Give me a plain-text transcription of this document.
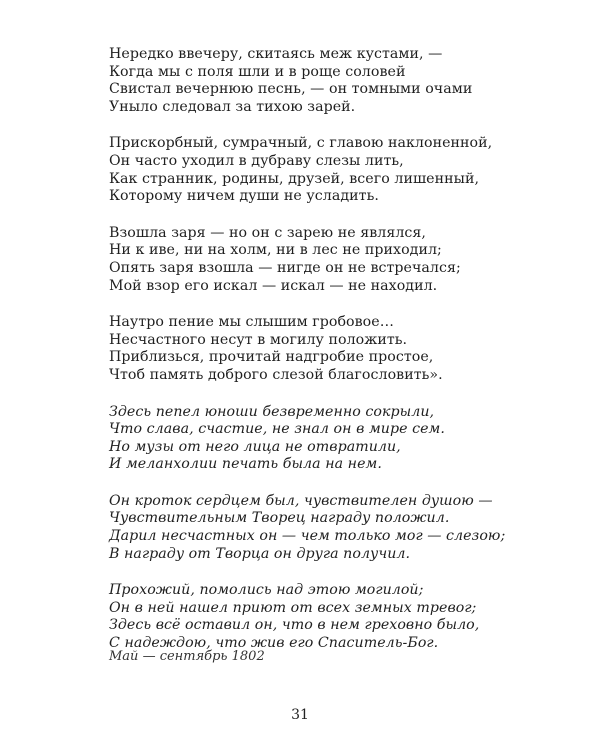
Нередко ввечеру, скитаясь меж кустами, —
Когда мы с поля шли и в роще соловей
Свистал вечернюю песнь, — он томными очами
Уныло следовал за тихою зарей.
Прискорбный, сумрачный, с главою наклоненной,
Он часто уходил в дубраву слезы лить,
Как странник, родины, друзей, всего лишенный,
Которому ничем души не усладить.
Взошла заря — но он с зарею не являлся,
Ни к иве, ни на холм, ни в лес не приходил;
Опять заря взошла — нигде он не встречался;
Мой взор его искал — искал — не находил.
Наутро пение мы слышим гробовое…
Несчастного несут в могилу положить.
Приблизься, прочитай надгробие простое,
Чтоб память доброго слезой благословить».
Здесь пепел юноши безвременно сокрыли,
Что слава, счастие, не знал он в мире сем.
Но музы от него лица не отвратили,
И меланхолии печать была на нем.
Он кроток сердцем был, чувствителен душою —
Чувствительным Творец награду положил.
Дарил несчастных он — чем только мог — слезою;
В награду от Творца он друга получил.
Прохожий, помолись над этою могилой;
Он в ней нашел приют от всех земных тревог;
Здесь всё оставил он, что в нем греховно было,
С надеждою, что жив его Спаситель-Бог.
Май — сентябрь 1802
31
